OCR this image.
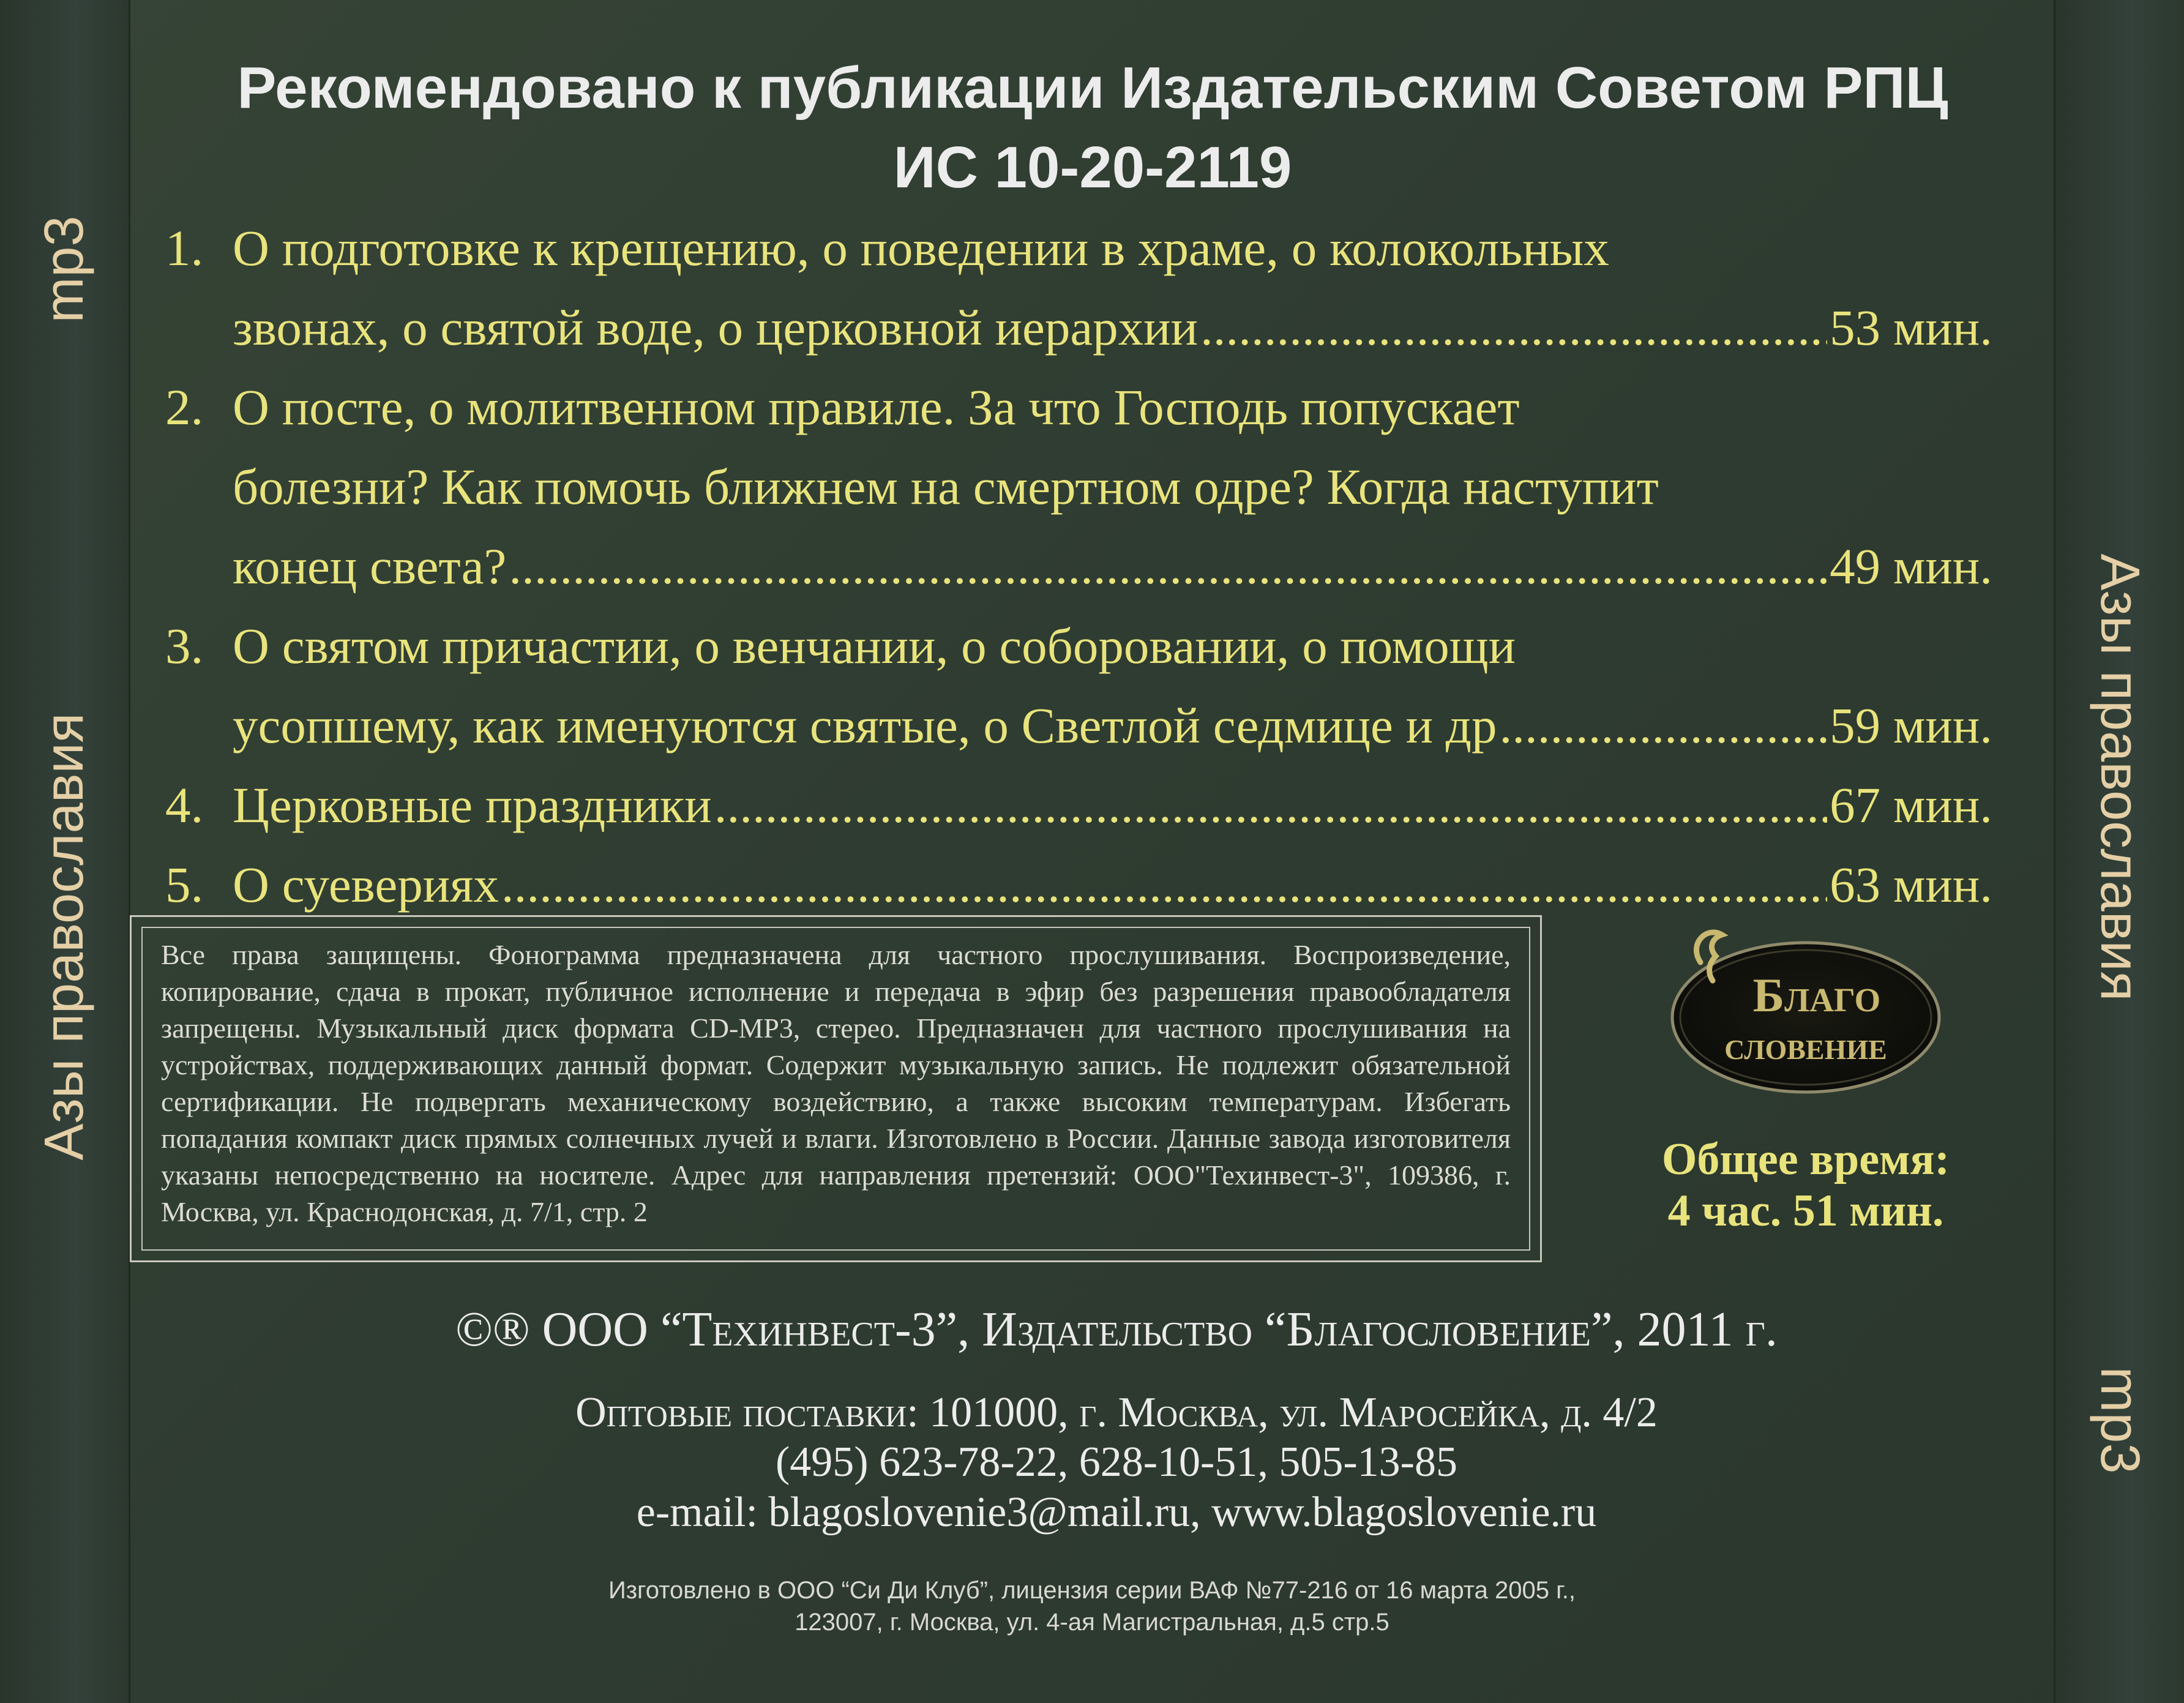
mp3
Азы православия	Азы православия
mp3
Рекомендовано к публикации Издательским Советом РПЦ
ИС 10-20-2119
1. О подготовке к крещению, о поведении в храме, о колокольных
звонах, о святой воде, о церковной иерархии .....	53 мин.
2. О посте, о молитвенном правиле. За что Господь попускает
болезни? Как помочь ближнем на смертном одре? Когда наступит
конец света? .....	49 мин.
3. О святом причастии, о венчании, о соборовании, о помощи
усопшему, как именуются святые, о Светлой седмице и др .....	59 мин.
4. Церковные праздники .....	67 мин.
5. О суевериях .....	63 мин.
Все права защищены. Фонограмма предназначена для частного прослушивания. Воспроизведение, копирование, сдача в прокат, публичное исполнение и передача в эфир без разрешения правообладателя запрещены. Музыкальный диск формата CD-MP3, стерео. Предназначен для частного прослушивания на устройствах, поддерживающих данный формат. Содержит музыкальную запись. Не подлежит обязательной сертификации. Не подвергать механическому воздействию, а также высоким температурам. Избегать попадания компакт диск прямых солнечных лучей и влаги. Изготовлено в России. Данные завода изготовителя указаны непосредственно на носителе. Адрес для направления претензий: ООО"Техинвест-3", 109386, г. Москва, ул. Краснодонская, д. 7/1, стр. 2
Благо
словение
Общее время:
4 час. 51 мин.
©® ООО “Техинвест-3”, Издательство “Благословение”, 2011 г.
Оптовые поставки: 101000, г. Москва, ул. Маросейка, д. 4/2
(495) 623-78-22, 628-10-51, 505-13-85
e-mail: blagoslovenie3@mail.ru, www.blagoslovenie.ru
Изготовлено в ООО “Си Ди Клуб”, лицензия серии ВАФ №77-216 от 16 марта 2005 г.,
123007, г. Москва, ул. 4-ая Магистральная, д.5 стр.5
